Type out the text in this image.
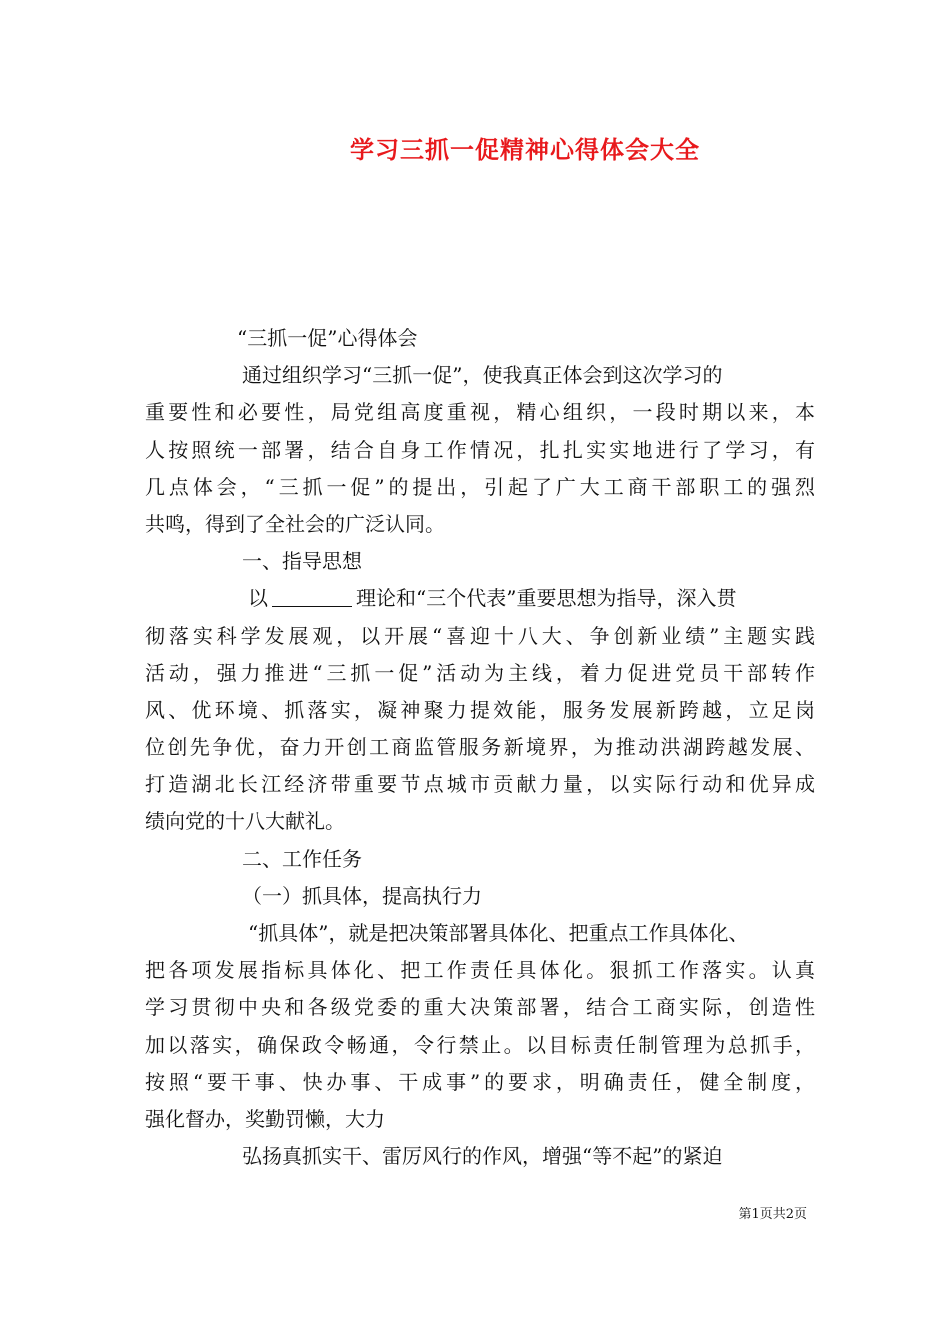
学习三抓一促精神心得体会大全
“三抓一促”心得体会
通过组织学习“三抓一促”，使我真正体会到这次学习的
重要性和必要性，局党组高度重视，精心组织，一段时期以来，本
人按照统一部署，结合自身工作情况，扎扎实实地进行了学习，有
几点体会，“三抓一促”的提出，引起了广大工商干部职工的强烈
共鸣，得到了全社会的广泛认同。
一、指导思想
以	理论和“三个代表”重要思想为指导，深入贯
彻落实科学发展观，以开展“喜迎十八大、争创新业绩”主题实践
活动，强力推进“三抓一促”活动为主线，着力促进党员干部转作
风、优环境、抓落实，凝神聚力提效能，服务发展新跨越，立足岗
位创先争优，奋力开创工商监管服务新境界，为推动洪湖跨越发展、
打造湖北长江经济带重要节点城市贡献力量，以实际行动和优异成
绩向党的十八大献礼。
二、工作任务
（一）抓具体，提高执行力
“抓具体”，就是把决策部署具体化、把重点工作具体化、
把各项发展指标具体化、把工作责任具体化。狠抓工作落实。认真
学习贯彻中央和各级党委的重大决策部署，结合工商实际，创造性
加以落实，确保政令畅通，令行禁止。以目标责任制管理为总抓手，
按照“要干事、快办事、干成事”的要求，明确责任，健全制度，
强化督办，奖勤罚懒，大力
弘扬真抓实干、雷厉风行的作风，增强“等不起”的紧迫
第1页共2页
